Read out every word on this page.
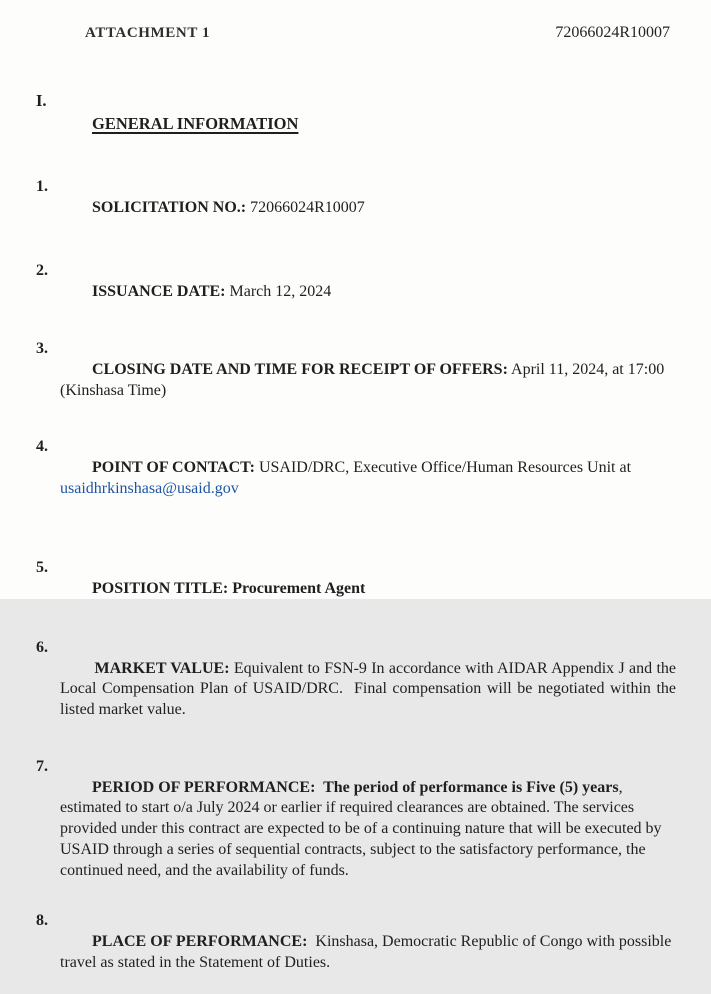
ATTACHMENT 1	72066024R10007
I.

GENERAL INFORMATION

1.

SOLICITATION NO.: 72066024R10007

2.

ISSUANCE DATE: March 12, 2024

3.

CLOSING DATE AND TIME FOR RECEIPT OF OFFERS: April 11, 2024, at 17:00 (Kinshasa Time)

4.

POINT OF CONTACT: USAID/DRC, Executive Office/Human Resources Unit at
usaidhrkinshasa@usaid.gov

5.

POSITION TITLE: Procurement Agent

6.

MARKET VALUE: Equivalent to FSN-9 In accordance with AIDAR Appendix J and the Local Compensation Plan of USAID/DRC.  Final compensation will be negotiated within the listed market value.

7.

PERIOD OF PERFORMANCE:  The period of performance is Five (5) years, estimated to start o/a July 2024 or earlier if required clearances are obtained. The services provided under this contract are expected to be of a continuing nature that will be executed by USAID through a series of sequential contracts, subject to the satisfactory performance, the continued need, and the availability of funds.

8.

PLACE OF PERFORMANCE:  Kinshasa, Democratic Republic of Congo with possible travel as stated in the Statement of Duties.
